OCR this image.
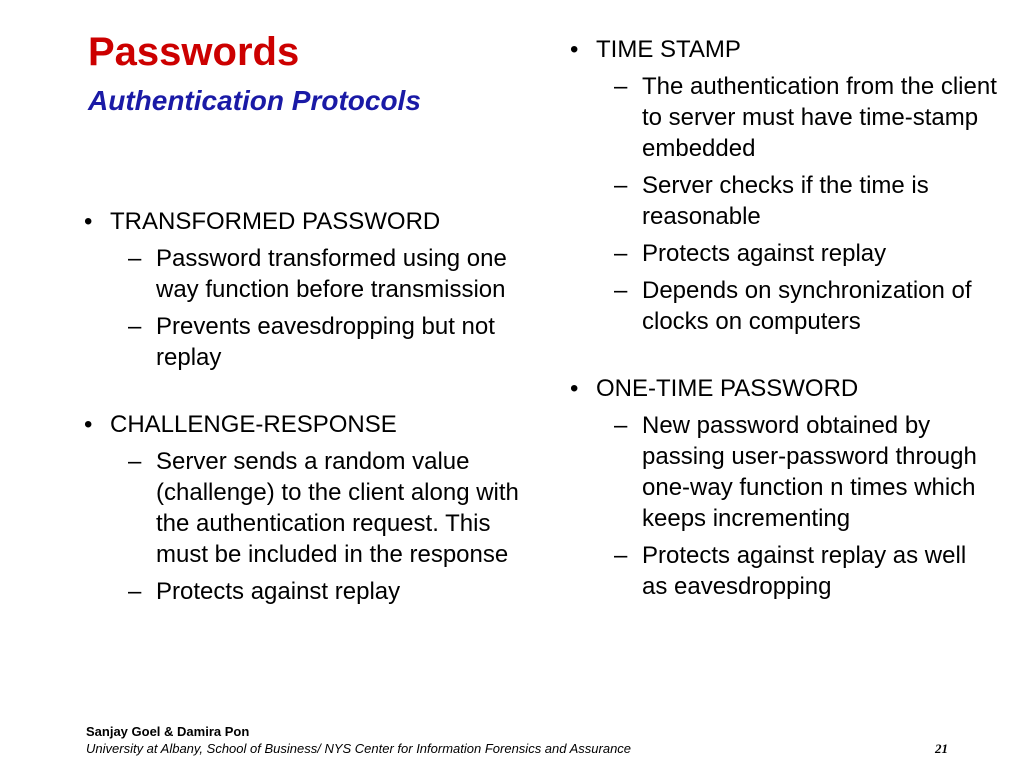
Passwords
Authentication Protocols
• TRANSFORMED PASSWORD
– Password transformed using one way function before transmission
– Prevents eavesdropping but not replay
• CHALLENGE-RESPONSE
– Server sends a random value (challenge) to the client along with the authentication request. This must be included in the response
– Protects against replay
• TIME STAMP
– The authentication from the client to server must have time-stamp embedded
– Server checks if the time is reasonable
– Protects against replay
– Depends on synchronization of clocks on computers
• ONE-TIME PASSWORD
– New password obtained by passing user-password through one-way function n times which keeps incrementing
– Protects against replay as well as eavesdropping
Sanjay Goel & Damira Pon
University at Albany, School of Business/ NYS Center for Information Forensics and Assurance	21
